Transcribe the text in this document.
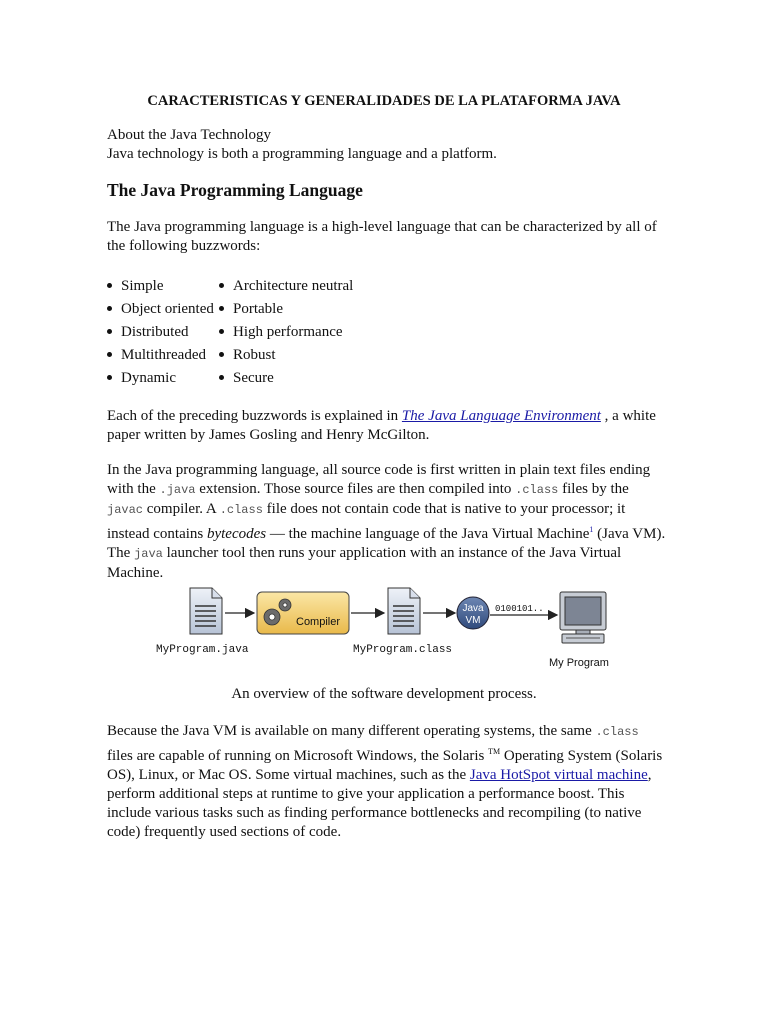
CARACTERISTICAS Y GENERALIDADES DE LA PLATAFORMA JAVA

About the Java Technology
Java technology is both a programming language and a platform.

The Java Programming Language

The Java programming language is a high-level language that can be characterized by all of the following buzzwords:

Simple
Object oriented
Distributed
Multithreaded
Dynamic
Architecture neutral
Portable
High performance
Robust
Secure

Each of the preceding buzzwords is explained in The Java Language Environment , a white paper written by James Gosling and Henry McGilton.

In the Java programming language, all source code is first written in plain text files ending with the .java extension. Those source files are then compiled into .class files by the javac compiler. A .class file does not contain code that is native to your processor; it instead contains bytecodes — the machine language of the Java Virtual Machine$^1$ (Java VM). The java launcher tool then runs your application with an instance of the Java Virtual Machine.

MyProgram.java
Compiler
MyProgram.class
Java
VM
0100101..
My Program

An overview of the software development process.

Because the Java VM is available on many different operating systems, the same .class files are capable of running on Microsoft Windows, the Solaris ™ Operating System (Solaris OS), Linux, or Mac OS. Some virtual machines, such as the Java HotSpot virtual machine, perform additional steps at runtime to give your application a performance boost. This include various tasks such as finding performance bottlenecks and recompiling (to native code) frequently used sections of code.
